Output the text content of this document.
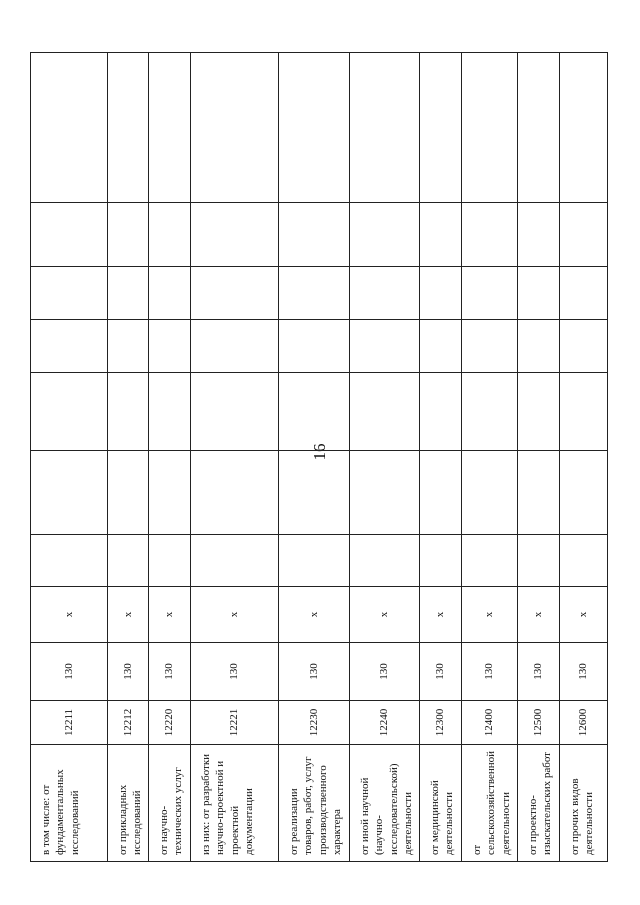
16
в том числе: от фундаментальных исследований	12211	130	x							
от прикладных исследований	12212	130	x							
от научно-технических услуг	12220	130	x							
из них: от разработки научно-проектной и проектной документации	12221	130	x							
от реализации товаров, работ, услуг производственного характера	12230	130	x							
от иной научной (научно-исследовательской) деятельности	12240	130	x							
от медицинской деятельности	12300	130	x							
от сельскохозяйственной деятельности	12400	130	x							
от проектно-изыскательских работ	12500	130	x							
от прочих видов деятельности	12600	130	x							
